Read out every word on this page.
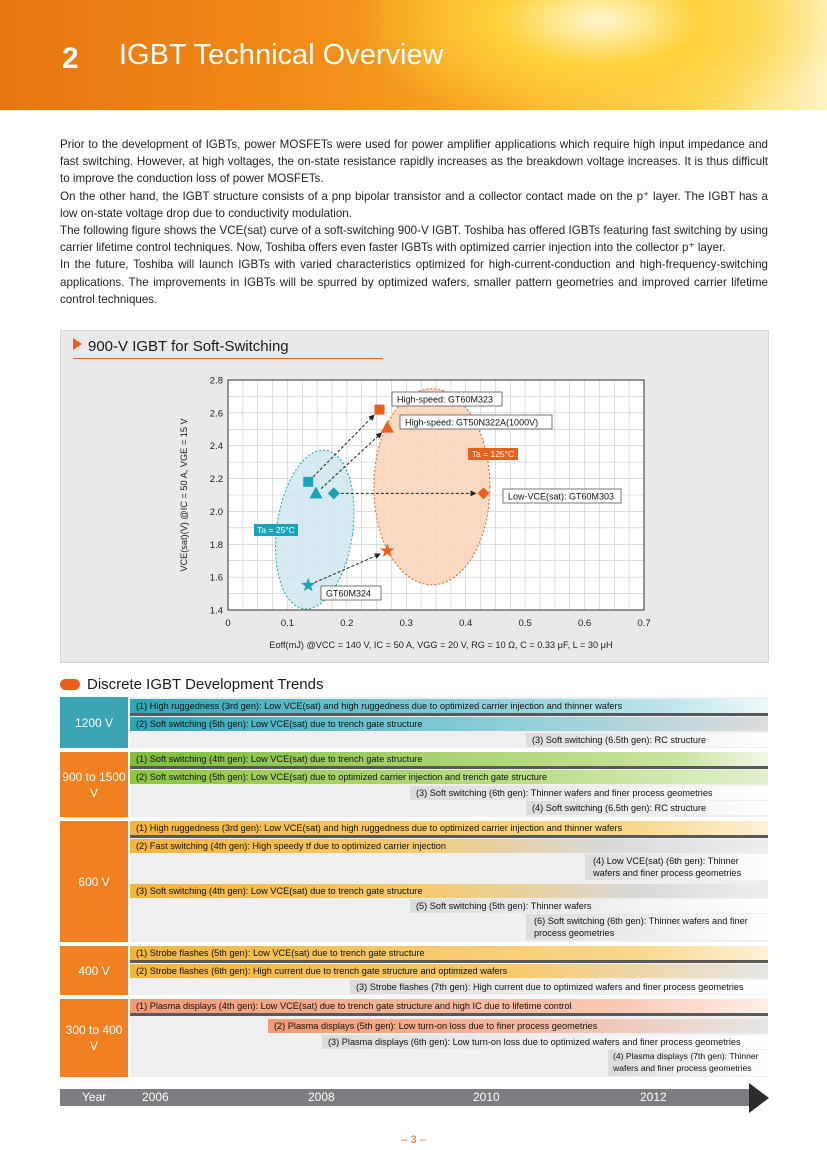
2 IGBT Technical Overview

Prior to the development of IGBTs, power MOSFETs were used for power amplifier applications which require high input impedance and fast switching. However, at high voltages, the on-state resistance rapidly increases as the breakdown voltage increases. It is thus difficult to improve the conduction loss of power MOSFETs.

On the other hand, the IGBT structure consists of a pnp bipolar transistor and a collector contact made on the p⁺ layer. The IGBT has a low on-state voltage drop due to conductivity modulation.

The following figure shows the VCE(sat) curve of a soft-switching 900-V IGBT. Toshiba has offered IGBTs featuring fast switching by using carrier lifetime control techniques. Now, Toshiba offers even faster IGBTs with optimized carrier injection into the collector p⁺ layer.

In the future, Toshiba will launch IGBTs with varied characteristics optimized for high-current-conduction and high-frequency-switching applications. The improvements in IGBTs will be spurred by optimized wafers, smaller pattern geometries and improved carrier lifetime control techniques.

900-V IGBT for Soft-Switching
0	0.1	0.2	0.3	0.4	0.5	0.6	0.7
1.4
1.6
1.8
2.0
2.2
2.4
2.6
2.8
Eoff(mJ) @VCC = 140 V, IC = 50 A, VGG = 20 V, RG = 10 Ω, C = 0.33 μF, L = 30 μH
VCE(sat)(V) @IC = 50 A, VGE = 15 V
High-speed: GT60M323
High-speed: GT50N322A(1000V)
Low-VCE(sat): GT60M303
GT60M324
Ta = 25°C
Ta = 125°C
Discrete IGBT Development Trends
1200 V
(1) High ruggedness (3rd gen): Low VCE(sat) and high ruggedness due to optimized carrier injection and thinner wafers
(2) Soft switching (5th gen): Low VCE(sat) due to trench gate structure
(3) Soft switching (6.5th gen): RC structure
900 to 1500 V
(1) Soft switching (4th gen): Low VCE(sat) due to trench gate structure
(2) Soft switching (5th gen): Low VCE(sat) due to optimized carrier injection and trench gate structure
(3) Soft switching (6th gen): Thinner wafers and finer process geometries
(4) Soft switching (6.5th gen): RC structure
600 V
(1) High ruggedness (3rd gen): Low VCE(sat) and high ruggedness due to optimized carrier injection and thinner wafers
(2) Fast switching (4th gen): High speedy tf due to optimized carrier injection
(4) Low VCE(sat) (6th gen): Thinner wafers and finer process geometries
(3) Soft switching (4th gen): Low VCE(sat) due to trench gate structure
(5) Soft switching (5th gen): Thinner wafers
(6) Soft switching (6th gen): Thinner wafers and finer process geometries
400 V
(1) Strobe flashes (5th gen): Low VCE(sat) due to trench gate structure
(2) Strobe flashes (6th gen): High current due to trench gate structure and optimized wafers
(3) Strobe flashes (7th gen): High current due to optimized wafers and finer process geometries
300 to 400 V
(1) Plasma displays (4th gen): Low VCE(sat) due to trench gate structure and high IC due to lifetime control
(2) Plasma displays (5th gen): Low turn-on loss due to finer process geometries
(3) Plasma displays (6th gen): Low turn-on loss due to optimized wafers and finer process geometries
(4) Plasma displays (7th gen): Thinner wafers and finer process geometries
Year	2006	2008	2010	2012
– 3 –
